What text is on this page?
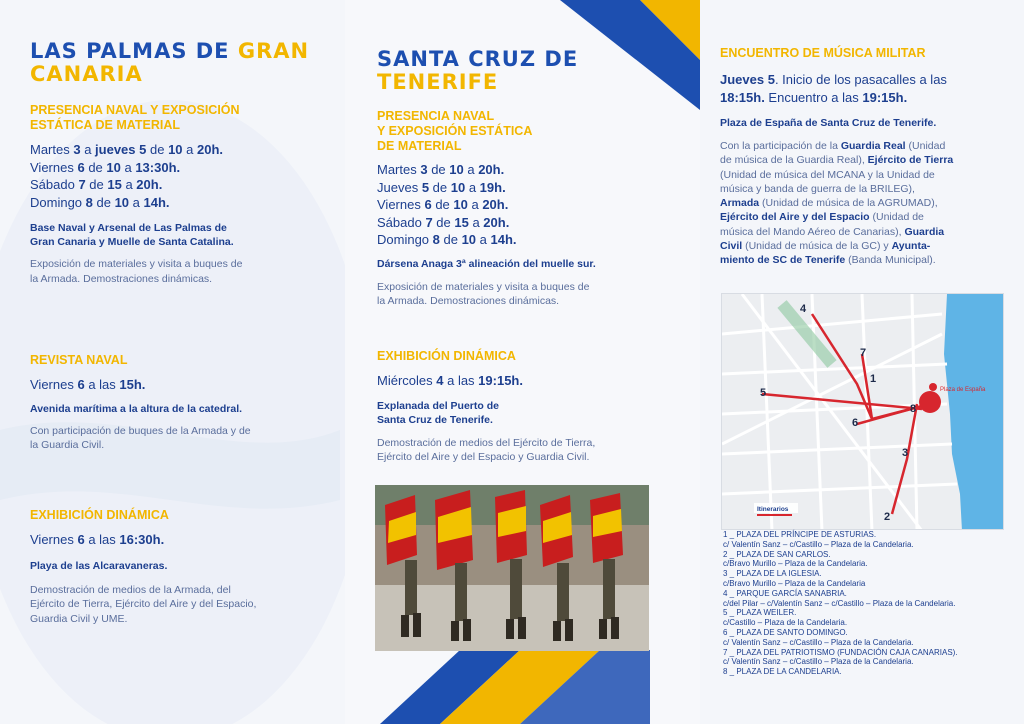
LAS PALMAS DE GRAN
CANARIA

PRESENCIA NAVAL Y EXPOSICIÓN

ESTÁTICA DE MATERIAL

Martes 3 a jueves 5 de 10 a 20h.

Viernes 6 de 10 a 13:30h.

Sábado 7 de 15 a 20h.

Domingo 8 de 10 a 14h.

Base Naval y Arsenal de Las Palmas de

Gran Canaria y Muelle de Santa Catalina.

Exposición de materiales y visita a buques de

la Armada. Demostraciones dinámicas.

REVISTA NAVAL

Viernes 6 a las 15h.

Avenida marítima a la altura de la catedral.

Con participación de buques de la Armada y de

la Guardia Civil.

EXHIBICIÓN DINÁMICA

Viernes 6 a las 16:30h.

Playa de las Alcaravaneras.

Demostración de medios de la Armada, del

Ejército de Tierra, Ejército del Aire y del Espacio,

Guardia Civil y UME.

SANTA CRUZ DE
TENERIFE

PRESENCIA NAVAL

Y EXPOSICIÓN ESTÁTICA

DE MATERIAL

Martes 3 de 10 a 20h.

Jueves 5 de 10 a 19h.

Viernes 6 de 10 a 20h.

Sábado 7 de 15 a 20h.

Domingo 8 de 10 a 14h.

Dársena Anaga 3ª alineación del muelle sur.

Exposición de materiales y visita a buques de

la Armada. Demostraciones dinámicas.

EXHIBICIÓN DINÁMICA

Miércoles 4 a las 19:15h.

Explanada del Puerto de

Santa Cruz de Tenerife.

Demostración de medios del Ejército de Tierra,

Ejército del Aire y del Espacio y Guardia Civil.

ENCUENTRO DE MÚSICA MILITAR

Jueves 5. Inicio de los pasacalles a las

18:15h. Encuentro a las 19:15h.

Plaza de España de Santa Cruz de Tenerife.

Con la participación de la Guardia Real (Unidad

de música de la Guardia Real), Ejército de Tierra

(Unidad de música del MCANA y la Unidad de

música y banda de guerra de la BRILEG),

Armada (Unidad de música de la AGRUMAD),

Ejército del Aire y del Espacio (Unidad de

música del Mando Aéreo de Canarias), Guardia

Civil (Unidad de música de la GC) y Ayunta-

miento de SC de Tenerife (Banda Municipal).

4
7
1
5
6
8
3
2
Plaza de España
Itinerarios

1 _ PLAZA DEL PRÍNCIPE DE ASTURIAS.

c/ Valentín Sanz – c/Castillo – Plaza de la Candelaria.

2 _ PLAZA DE SAN CARLOS.

c/Bravo Murillo – Plaza de la Candelaria.

3 _ PLAZA DE LA IGLESIA.

c/Bravo Murillo – Plaza de la Candelaria

4 _ PARQUE GARCÍA SANABRIA.

c/del Pilar – c/Valentín Sanz – c/Castillo – Plaza de la Candelaria.

5 _ PLAZA WEILER.

c/Castillo – Plaza de la Candelaria.

6 _ PLAZA DE SANTO DOMINGO.

c/ Valentín Sanz – c/Castillo – Plaza de la Candelaria.

7 _ PLAZA DEL PATRIOTISMO (FUNDACIÓN CAJA CANARIAS).

c/ Valentín Sanz – c/Castillo – Plaza de la Candelaria.

8 _ PLAZA DE LA CANDELARIA.
